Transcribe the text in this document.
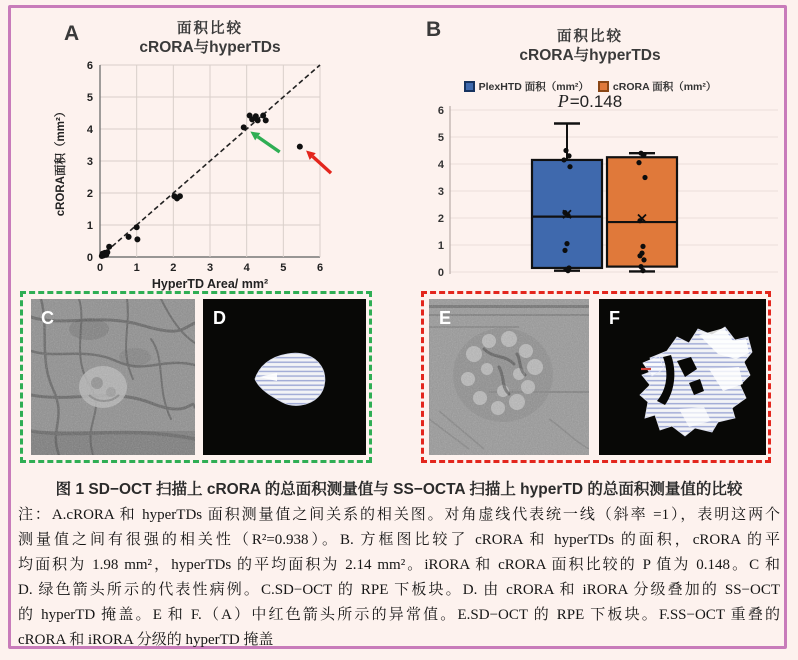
A	面积比较
cRORA与hyperTDs
0	1	2	3	4	5	6
0
1
2
3
4
5
6
HyperTD Area/ mm²
cRORA面积（mm²）
B	面积比较
cRORA与hyperTDs
PlexHTD 面积（mm²） cRORA 面积（mm²）
P=0.148
0
1
2
3
4
5
6
C	D	E	F
图 1 SD−OCT 扫描上 cRORA 的总面积测量值与 SS−OCTA 扫描上 hyperTD 的总面积测量值的比较
注：A.cRORA 和 hyperTDs 面积测量值之间关系的相关图。对角虚线代表统一线（斜率 =1），表明这两个
测量值之间有很强的相关性（R²=0.938）。B. 方框图比较了 cRORA 和 hyperTDs 的面积，cRORA 的平
均面积为 1.98 mm²，hyperTDs 的平均面积为 2.14 mm²。iRORA 和 cRORA 面积比较的 P 值为 0.148。C 和
D. 绿色箭头所示的代表性病例。C.SD−OCT 的 RPE 下板块。D. 由 cRORA 和 iRORA 分级叠加的 SS−OCT
的 hyperTD 掩盖。E 和 F.（A）中红色箭头所示的异常值。E.SD−OCT 的 RPE 下板块。F.SS−OCT 重叠的
cRORA 和 iRORA 分级的 hyperTD 掩盖
